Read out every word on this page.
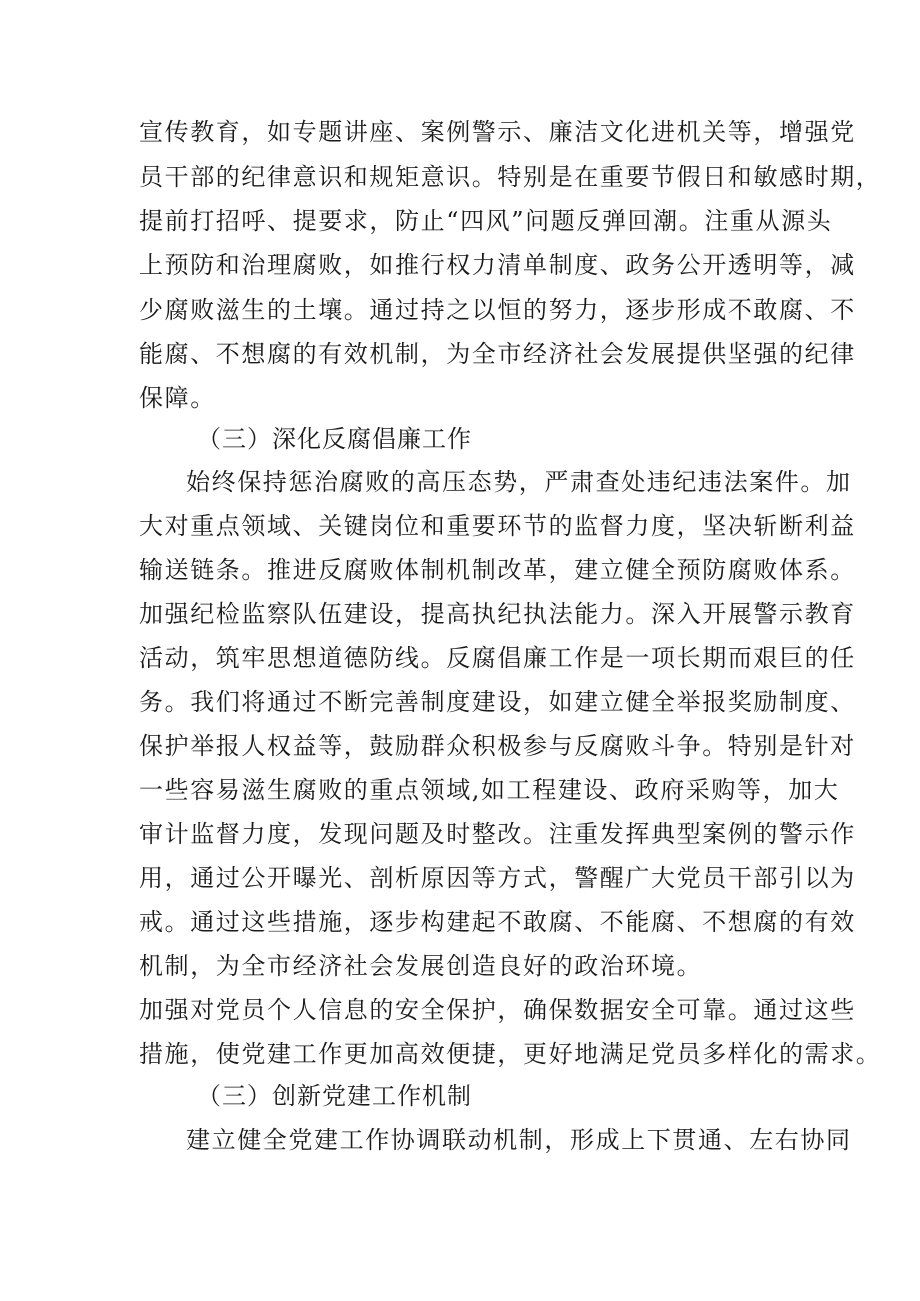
宣传教育，如专题讲座、案例警示、廉洁文化进机关等，增强党
员干部的纪律意识和规矩意识。特别是在重要节假日和敏感时期，
提前打招呼、提要求，防止“四风”问题反弹回潮。注重从源头
上预防和治理腐败，如推行权力清单制度、政务公开透明等，减
少腐败滋生的土壤。通过持之以恒的努力，逐步形成不敢腐、不
能腐、不想腐的有效机制，为全市经济社会发展提供坚强的纪律
保障。
（三）深化反腐倡廉工作
始终保持惩治腐败的高压态势，严肃查处违纪违法案件。加
大对重点领域、关键岗位和重要环节的监督力度，坚决斩断利益
输送链条。推进反腐败体制机制改革，建立健全预防腐败体系。
加强纪检监察队伍建设，提高执纪执法能力。深入开展警示教育
活动，筑牢思想道德防线。反腐倡廉工作是一项长期而艰巨的任
务。我们将通过不断完善制度建设，如建立健全举报奖励制度、
保护举报人权益等，鼓励群众积极参与反腐败斗争。特别是针对
一些容易滋生腐败的重点领域,如工程建设、政府采购等，加大
审计监督力度，发现问题及时整改。注重发挥典型案例的警示作
用，通过公开曝光、剖析原因等方式，警醒广大党员干部引以为
戒。通过这些措施，逐步构建起不敢腐、不能腐、不想腐的有效
机制，为全市经济社会发展创造良好的政治环境。
加强对党员个人信息的安全保护，确保数据安全可靠。通过这些
措施，使党建工作更加高效便捷，更好地满足党员多样化的需求。
（三）创新党建工作机制
建立健全党建工作协调联动机制，形成上下贯通、左右协同
